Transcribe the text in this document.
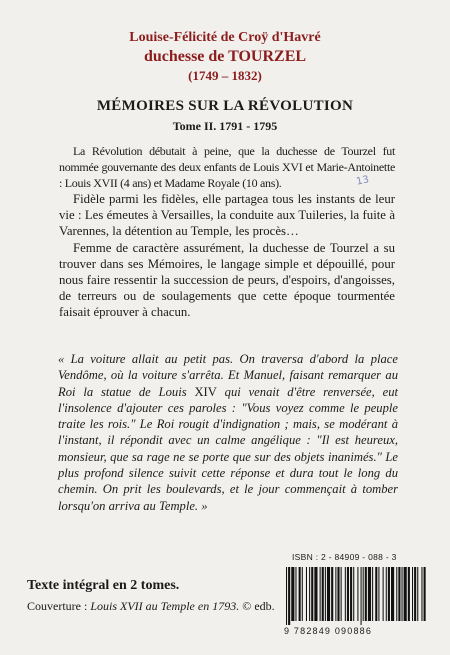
Louise-Félicité de Croÿ d'Havré
duchesse de TOURZEL
(1749 – 1832)
MÉMOIRES SUR LA RÉVOLUTION
Tome II. 1791 - 1795

La Révolution débutait à peine, que la duchesse de Tourzel fut nommée gouvernante des deux enfants de Louis XVI et Marie-Antoinette : Louis XVII (4 ans) et Madame Royale (10 ans).

Fidèle parmi les fidèles, elle partagea tous les instants de leur vie : Les émeutes à Versailles, la conduite aux Tuileries, la fuite à Varennes, la détention au Temple, les procès…

Femme de caractère assurément, la duchesse de Tourzel a su trouver dans ses Mémoires, le langage simple et dépouillé, pour nous faire ressentir la succession de peurs, d'espoirs, d'angoisses, de terreurs ou de soulagements que cette époque tourmentée faisait éprouver à chacun.

13
« La voiture allait au petit pas. On traversa d'abord la place Vendôme, où la voiture s'arrêta. Et Manuel, faisant remarquer au Roi la statue de Louis XIV qui venait d'être renversée, eut l'insolence d'ajouter ces paroles : "Vous voyez comme le peuple traite les rois." Le Roi rougit d'indignation ; mais, se modérant à l'instant, il répondit avec un calme angélique : "Il est heureux, monsieur, que sa rage ne se porte que sur des objets inanimés." Le plus profond silence suivit cette réponse et dura tout le long du chemin. On prit les boulevards, et le jour commençait à tomber lorsqu'on arriva au Temple. »
ISBN : 2 - 84909 - 088 - 3
9 782849 090886
Texte intégral en 2 tomes.
Couverture : Louis XVII au Temple en 1793. © edb.
